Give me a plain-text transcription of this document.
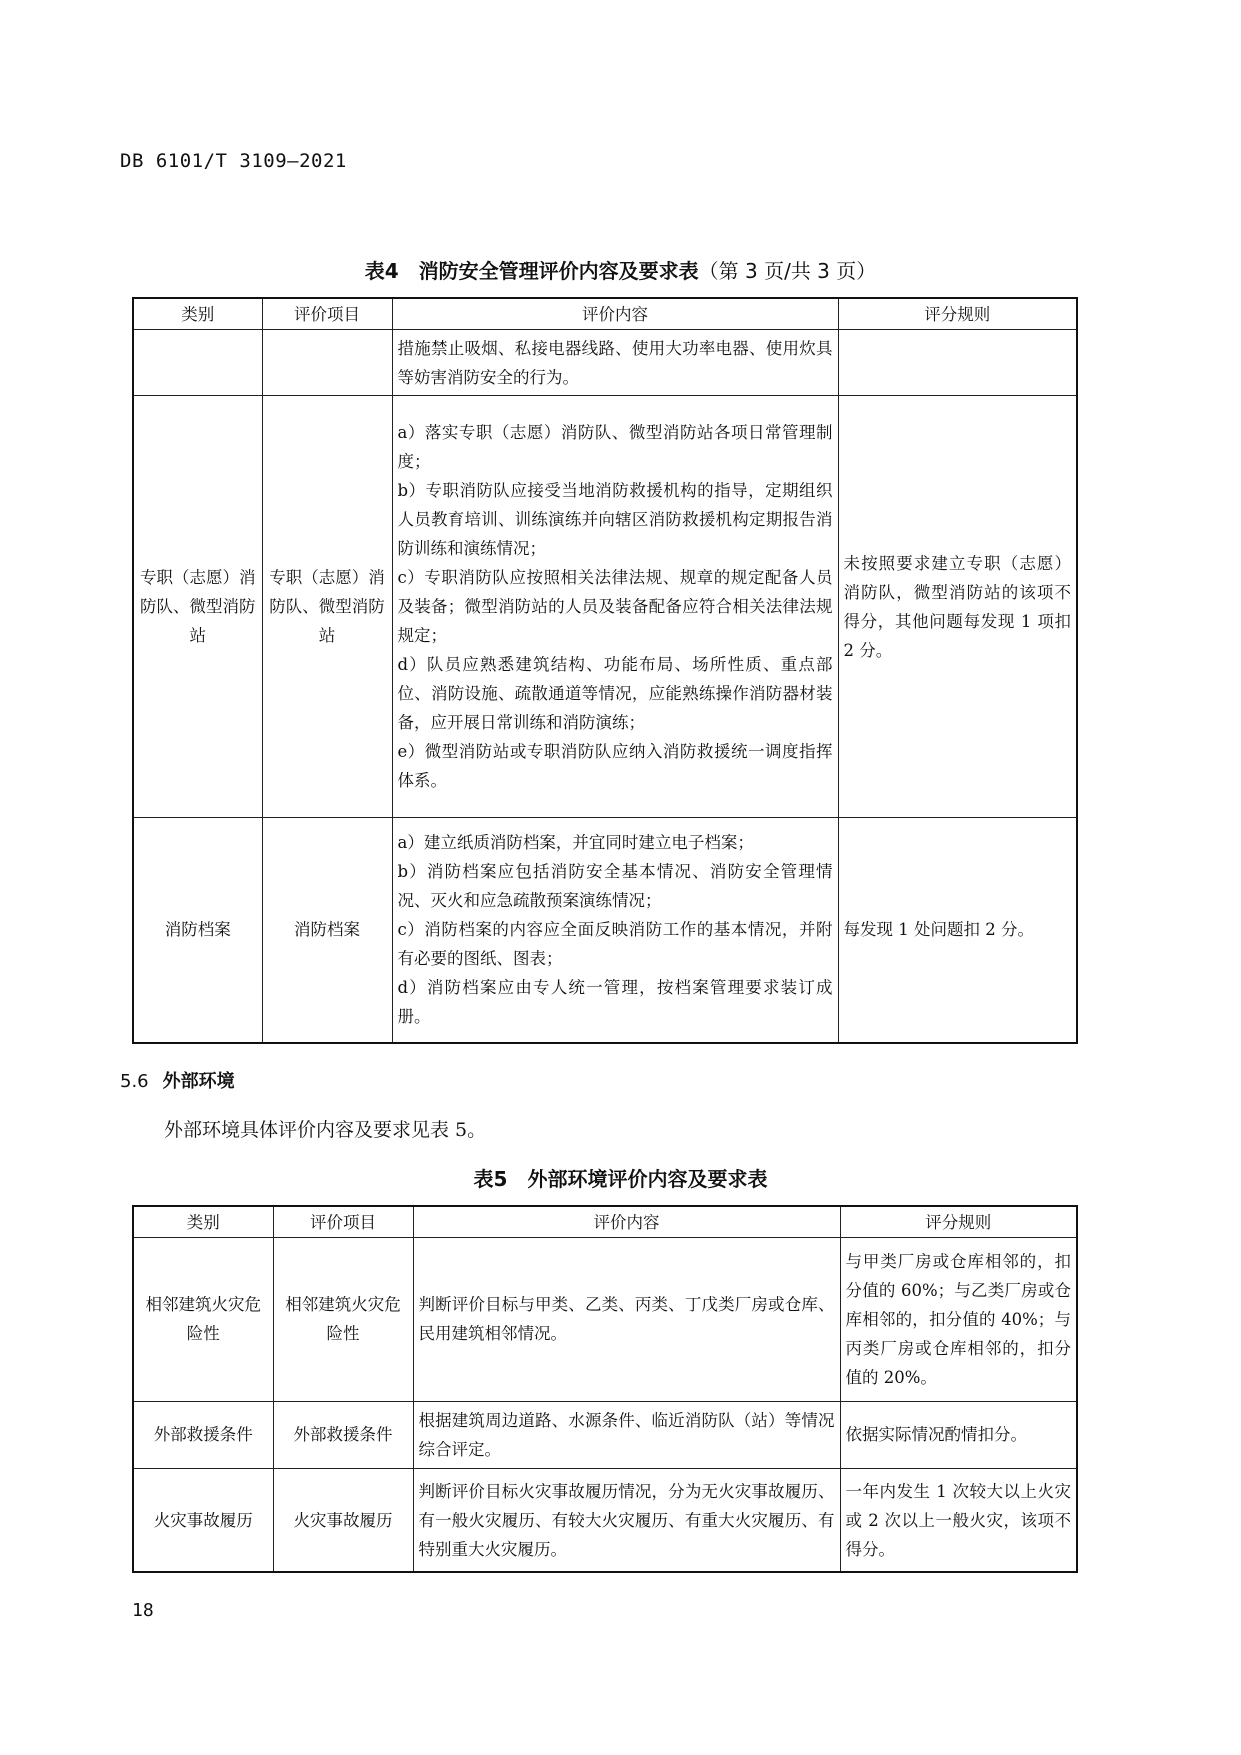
DB 6101/T 3109—2021
表4　消防安全管理评价内容及要求表（第 3 页/共 3 页）
类别	评价项目	评价内容	评分规则

		措施禁止吸烟、私接电器线路、使用大功率电器、使用炊具等妨害消防安全的行为。	

专职（志愿）消防队、微型消防站	专职（志愿）消防队、微型消防站	a）落实专职（志愿）消防队、微型消防站各项日常管理制度；
b）专职消防队应接受当地消防救援机构的指导，定期组织人员教育培训、训练演练并向辖区消防救援机构定期报告消防训练和演练情况；
c）专职消防队应按照相关法律法规、规章的规定配备人员及装备；微型消防站的人员及装备配备应符合相关法律法规规定；
d）队员应熟悉建筑结构、功能布局、场所性质、重点部位、消防设施、疏散通道等情况，应能熟练操作消防器材装备，应开展日常训练和消防演练；
e）微型消防站或专职消防队应纳入消防救援统一调度指挥体系。	未按照要求建立专职（志愿）消防队，微型消防站的该项不得分，其他问题每发现 1 项扣 2 分。
消防档案	消防档案	a）建立纸质消防档案，并宜同时建立电子档案；
b）消防档案应包括消防安全基本情况、消防安全管理情况、灭火和应急疏散预案演练情况；
c）消防档案的内容应全面反映消防工作的基本情况，并附有必要的图纸、图表；
d）消防档案应由专人统一管理，按档案管理要求装订成册。	每发现 1 处问题扣 2 分。
5.6 外部环境
外部环境具体评价内容及要求见表 5。
表5　外部环境评价内容及要求表
类别	评价项目	评价内容	评分规则
相邻建筑火灾危险性	相邻建筑火灾危险性	判断评价目标与甲类、乙类、丙类、丁戊类厂房或仓库、民用建筑相邻情况。	与甲类厂房或仓库相邻的，扣分值的 60%；与乙类厂房或仓库相邻的，扣分值的 40%；与丙类厂房或仓库相邻的，扣分值的 20%。
外部救援条件	外部救援条件	根据建筑周边道路、水源条件、临近消防队（站）等情况综合评定。	依据实际情况酌情扣分。
火灾事故履历	火灾事故履历	判断评价目标火灾事故履历情况，分为无火灾事故履历、有一般火灾履历、有较大火灾履历、有重大火灾履历、有特别重大火灾履历。	一年内发生 1 次较大以上火灾或 2 次以上一般火灾，该项不得分。
18
